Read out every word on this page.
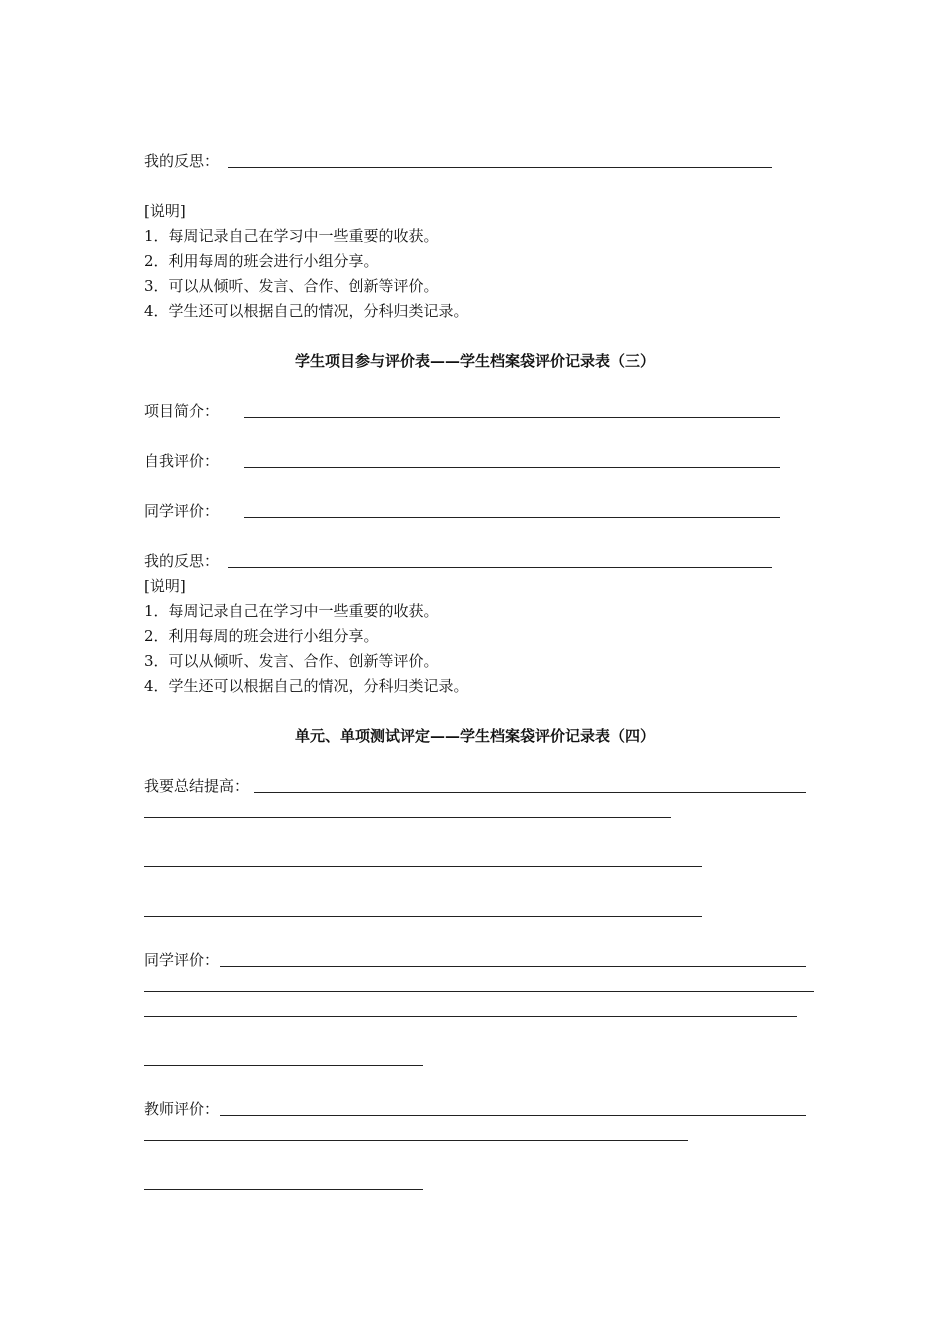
我的反思：
[说明]
1．每周记录自己在学习中一些重要的收获。
2．利用每周的班会进行小组分享。
3．可以从倾听、发言、合作、创新等评价。
4．学生还可以根据自己的情况，分科归类记录。
学生项目参与评价表——学生档案袋评价记录表（三）
项目简介：
自我评价：
同学评价：
我的反思：
[说明]
1．每周记录自己在学习中一些重要的收获。
2．利用每周的班会进行小组分享。
3．可以从倾听、发言、合作、创新等评价。
4．学生还可以根据自己的情况，分科归类记录。
单元、单项测试评定——学生档案袋评价记录表（四）
我要总结提高：
同学评价：
教师评价：
